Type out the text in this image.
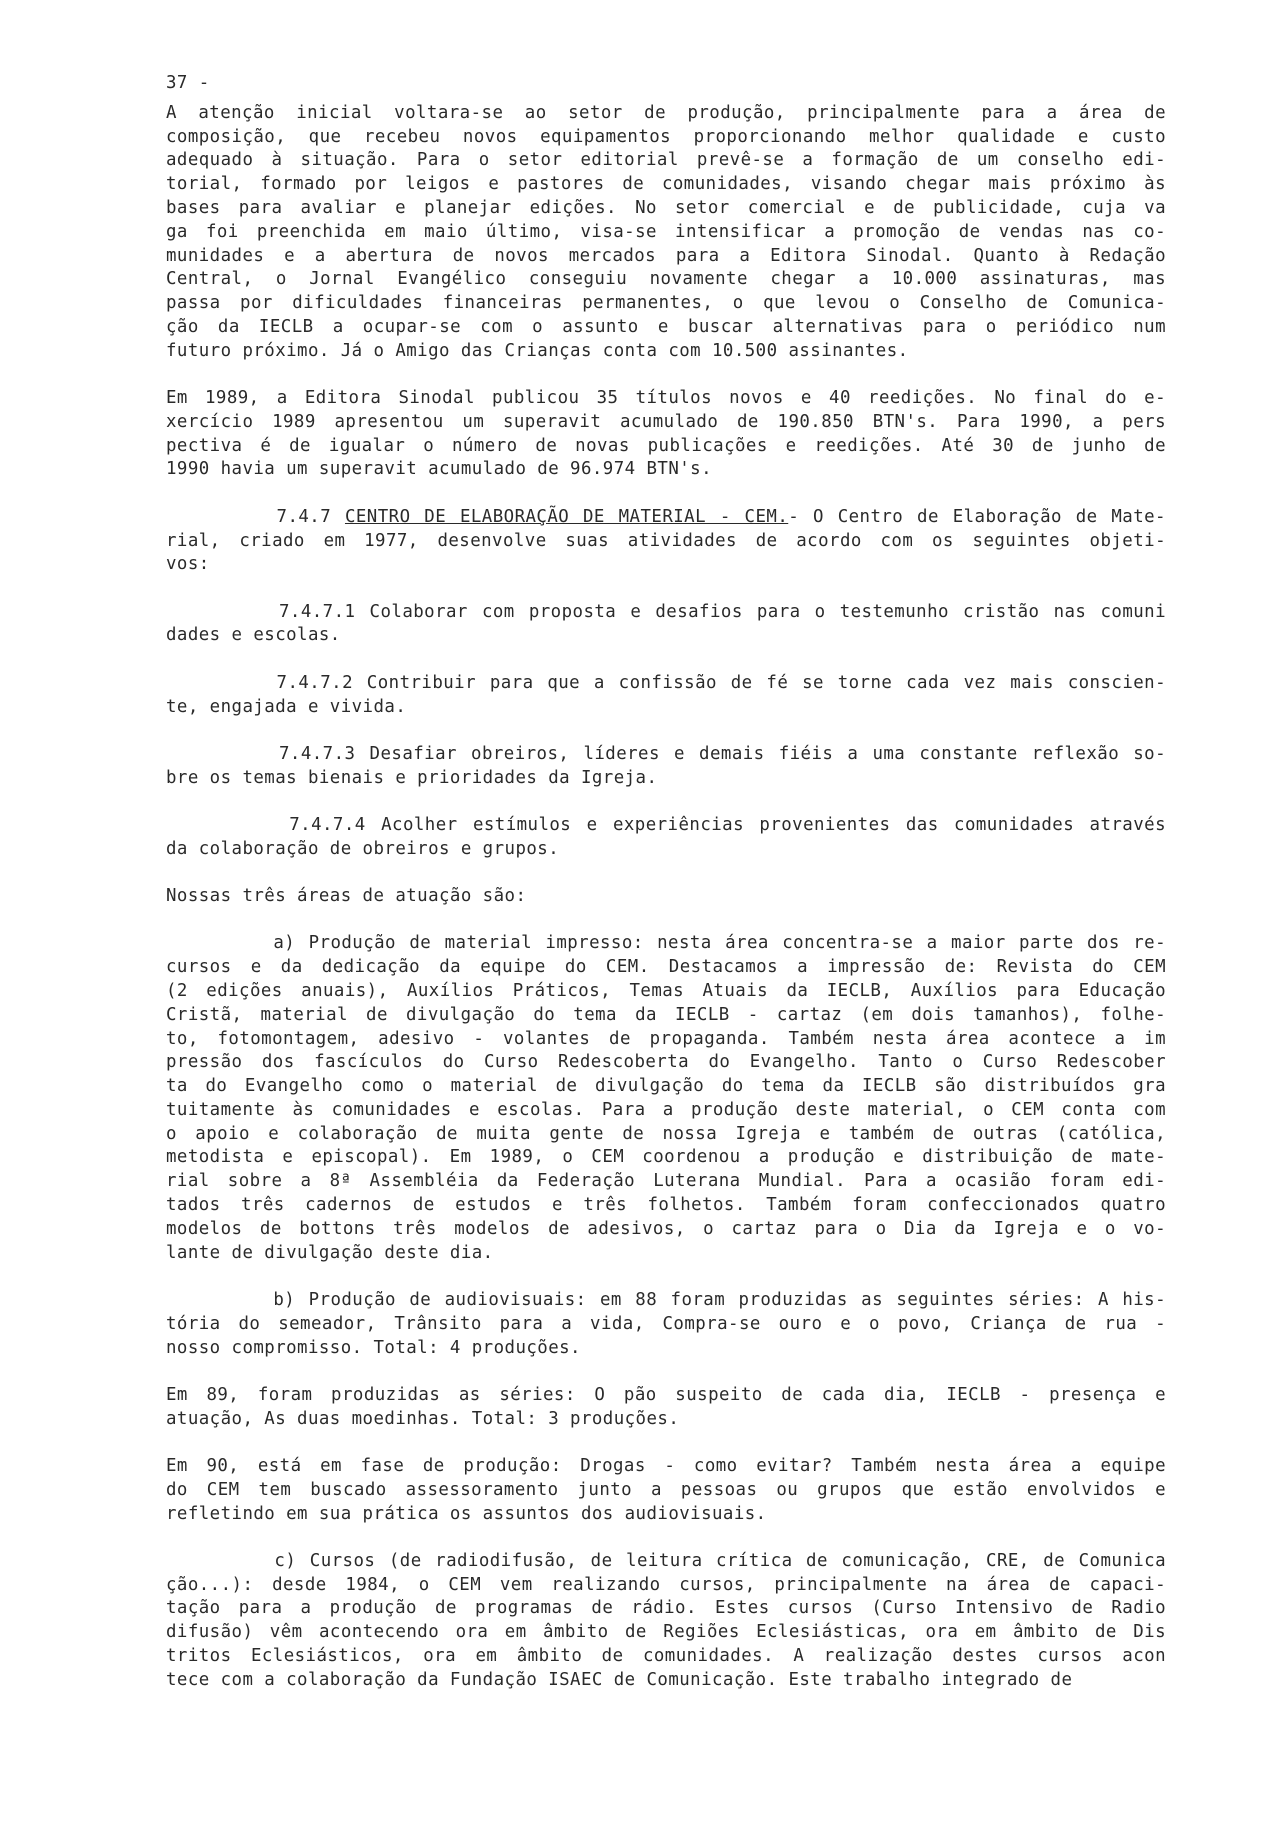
37 -
A atenção inicial voltara-se ao setor de produção, principalmente para a área de
composição, que recebeu novos equipamentos proporcionando melhor qualidade e custo
adequado à situação. Para o setor editorial prevê-se a formação de um conselho edi-
torial, formado por leigos e pastores de comunidades, visando chegar mais próximo às
bases para avaliar e planejar edições. No setor comercial e de publicidade, cuja va
ga foi preenchida em maio último, visa-se intensificar a promoção de vendas nas co-
munidades e a abertura de novos mercados para a Editora Sinodal. Quanto à Redação
Central, o Jornal Evangélico conseguiu novamente chegar a 10.000 assinaturas, mas
passa por dificuldades financeiras permanentes, o que levou o Conselho de Comunica-
ção da IECLB a ocupar-se com o assunto e buscar alternativas para o periódico num
futuro próximo. Já o Amigo das Crianças conta com 10.500 assinantes.
Em 1989, a Editora Sinodal publicou 35 títulos novos e 40 reedições. No final do e-
xercício 1989 apresentou um superavit acumulado de 190.850 BTN's. Para 1990, a pers
pectiva é de igualar o número de novas publicações e reedições. Até 30 de junho de
1990 havia um superavit acumulado de 96.974 BTN's.
7.4.7 CENTRO DE ELABORAÇÃO DE MATERIAL - CEM.- O Centro de Elaboração de Mate-
rial, criado em 1977, desenvolve suas atividades de acordo com os seguintes objeti-
vos:
7.4.7.1 Colaborar com proposta e desafios para o testemunho cristão nas comuni
dades e escolas.
7.4.7.2 Contribuir para que a confissão de fé se torne cada vez mais conscien-
te, engajada e vivida.
7.4.7.3 Desafiar obreiros, líderes e demais fiéis a uma constante reflexão so-
bre os temas bienais e prioridades da Igreja.
7.4.7.4 Acolher estímulos e experiências provenientes das comunidades através
da colaboração de obreiros e grupos.
Nossas três áreas de atuação são:
a) Produção de material impresso: nesta área concentra-se a maior parte dos re-
cursos e da dedicação da equipe do CEM. Destacamos a impressão de: Revista do CEM
(2 edições anuais), Auxílios Práticos, Temas Atuais da IECLB, Auxílios para Educação
Cristã, material de divulgação do tema da IECLB - cartaz (em dois tamanhos), folhe-
to, fotomontagem, adesivo - volantes de propaganda. Também nesta área acontece a im
pressão dos fascículos do Curso Redescoberta do Evangelho. Tanto o Curso Redescober
ta do Evangelho como o material de divulgação do tema da IECLB são distribuídos gra
tuitamente às comunidades e escolas. Para a produção deste material, o CEM conta com
o apoio e colaboração de muita gente de nossa Igreja e também de outras (católica,
metodista e episcopal). Em 1989, o CEM coordenou a produção e distribuição de mate-
rial sobre a 8ª Assembléia da Federação Luterana Mundial. Para a ocasião foram edi-
tados três cadernos de estudos e três folhetos. Também foram confeccionados quatro
modelos de bottons três modelos de adesivos, o cartaz para o Dia da Igreja e o vo-
lante de divulgação deste dia.
b) Produção de audiovisuais: em 88 foram produzidas as seguintes séries: A his-
tória do semeador, Trânsito para a vida, Compra-se ouro e o povo, Criança de rua -
nosso compromisso. Total: 4 produções.
Em 89, foram produzidas as séries: O pão suspeito de cada dia, IECLB - presença e
atuação, As duas moedinhas. Total: 3 produções.
Em 90, está em fase de produção: Drogas - como evitar? Também nesta área a equipe
do CEM tem buscado assessoramento junto a pessoas ou grupos que estão envolvidos e
refletindo em sua prática os assuntos dos audiovisuais.
c) Cursos (de radiodifusão, de leitura crítica de comunicação, CRE, de Comunica
ção...): desde 1984, o CEM vem realizando cursos, principalmente na área de capaci-
tação para a produção de programas de rádio. Estes cursos (Curso Intensivo de Radio
difusão) vêm acontecendo ora em âmbito de Regiões Eclesiásticas, ora em âmbito de Dis
tritos Eclesiásticos, ora em âmbito de comunidades. A realização destes cursos acon
tece com a colaboração da Fundação ISAEC de Comunicação. Este trabalho integrado de
